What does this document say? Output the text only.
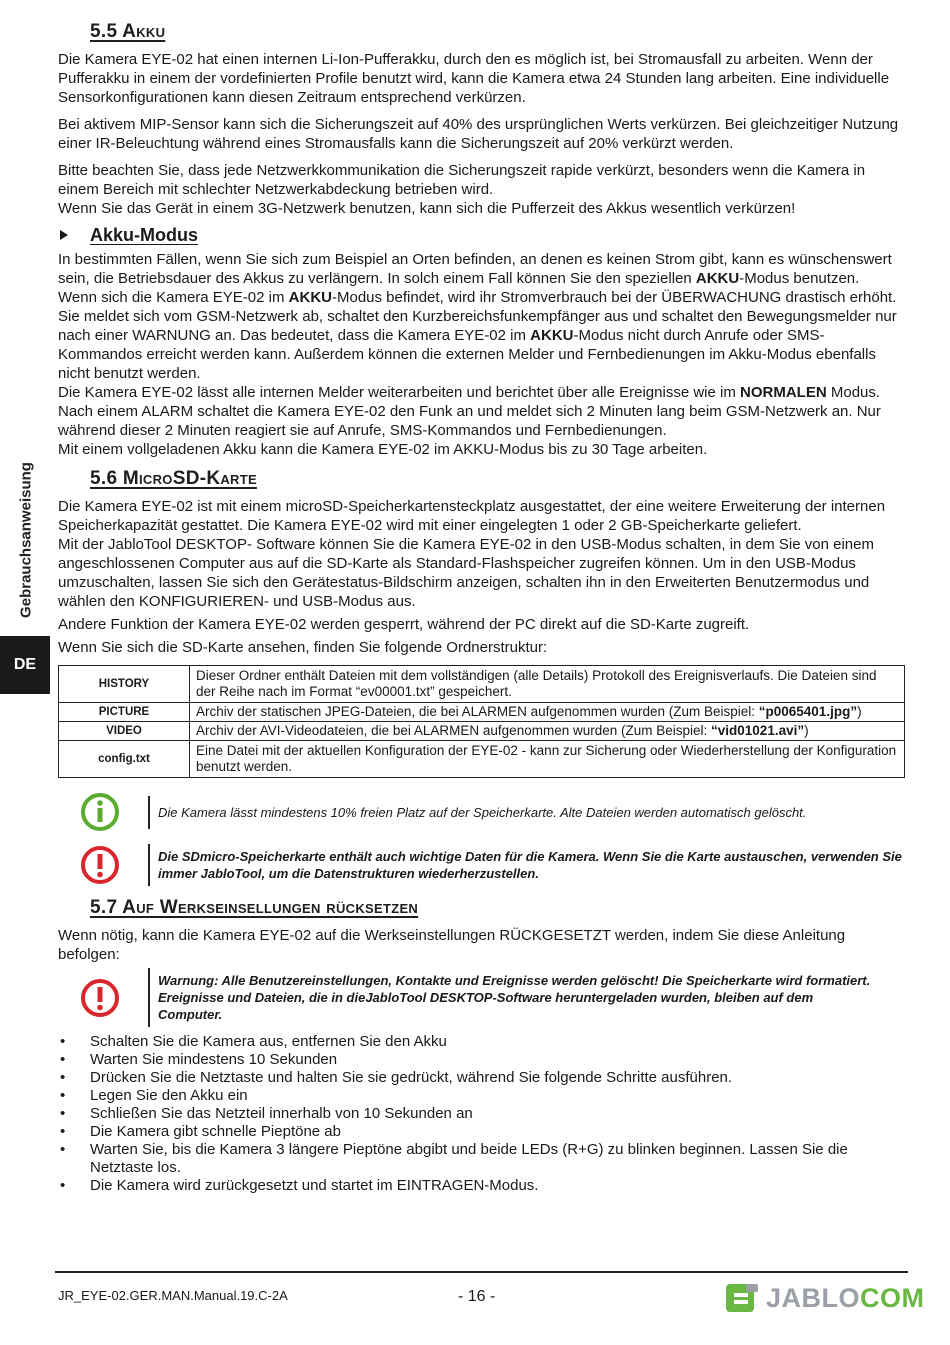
5.5 Akku

Die Kamera EYE-02 hat einen internen Li-Ion-Pufferakku, durch den es möglich ist, bei Stromausfall zu arbeiten. Wenn der Pufferakku in einem der vordefinierten Profile benutzt wird, kann die Kamera etwa 24 Stunden lang arbeiten. Eine individuelle Sensorkonfigurationen kann diesen Zeitraum entsprechend verkürzen.

Bei aktivem MIP-Sensor kann sich die Sicherungszeit auf 40% des ursprünglichen Werts verkürzen. Bei gleichzeitiger Nutzung einer IR-Beleuchtung während eines Stromausfalls kann die Sicherungszeit auf 20% verkürzt werden.

Bitte beachten Sie, dass jede Netzwerkkommunikation die Sicherungszeit rapide verkürzt, besonders wenn die Kamera in einem Bereich mit schlechter Netzwerkabdeckung betrieben wird.

Wenn Sie das Gerät in einem 3G-Netzwerk benutzen, kann sich die Pufferzeit des Akkus wesentlich verkürzen!

Akku-Modus

In bestimmten Fällen, wenn Sie sich zum Beispiel an Orten befinden, an denen es keinen Strom gibt, kann es wünschenswert sein, die Betriebsdauer des Akkus zu verlängern. In solch einem Fall können Sie den speziellen AKKU-Modus benutzen.

Wenn sich die Kamera EYE-02 im AKKU-Modus befindet, wird ihr Stromverbrauch bei der ÜBERWACHUNG drastisch erhöht. Sie meldet sich vom GSM-Netzwerk ab, schaltet den Kurzbereichsfunkempfänger aus und schaltet den Bewegungsmelder nur nach einer WARNUNG an. Das bedeutet, dass die Kamera EYE-02 im AKKU-Modus nicht durch Anrufe oder SMS-Kommandos erreicht werden kann. Außerdem können die externen Melder und Fernbedienungen im Akku-Modus ebenfalls nicht benutzt werden.

Die Kamera EYE-02 lässt alle internen Melder weiterarbeiten und berichtet über alle Ereignisse wie im NORMALEN Modus. Nach einem ALARM schaltet die Kamera EYE-02 den Funk an und meldet sich 2 Minuten lang beim GSM-Netzwerk an. Nur während dieser 2 Minuten reagiert sie auf Anrufe, SMS-Kommandos und Fernbedienungen.

Mit einem vollgeladenen Akku kann die Kamera EYE-02 im AKKU-Modus bis zu 30 Tage arbeiten.

5.6 MicroSD-Karte

Die Kamera EYE-02 ist mit einem microSD-Speicherkartensteckplatz ausgestattet, der eine weitere Erweiterung der internen Speicherkapazität gestattet. Die Kamera EYE-02 wird mit einer eingelegten 1 oder 2 GB-Speicherkarte geliefert.

Mit der JabloTool DESKTOP- Software können Sie die Kamera EYE-02 in den USB-Modus schalten, in dem Sie von einem angeschlossenen Computer aus auf die SD-Karte als Standard-Flashspeicher zugreifen können. Um in den USB-Modus umzuschalten, lassen Sie sich den Gerätestatus-Bildschirm anzeigen, schalten ihn in den Erweiterten Benutzermodus und wählen den KONFIGURIEREN- und USB-Modus aus.

Andere Funktion der Kamera EYE-02 werden gesperrt, während der PC direkt auf die SD-Karte zugreift.

Wenn Sie sich die SD-Karte ansehen, finden Sie folgende Ordnerstruktur:

HISTORY	Dieser Ordner enthält Dateien mit dem vollständigen (alle Details) Protokoll des Ereignisverlaufs. Die Dateien sind der Reihe nach im Format “ev00001.txt” gespeichert.
PICTURE	Archiv der statischen JPEG-Dateien, die bei ALARMEN aufgenommen wurden (Zum Beispiel: “p0065401.jpg”)
VIDEO	Archiv der AVI-Videodateien, die bei ALARMEN aufgenommen wurden (Zum Beispiel: “vid01021.avi”)
config.txt	Eine Datei mit der aktuellen Konfiguration der EYE-02 - kann zur Sicherung oder Wiederherstellung der Konfiguration benutzt werden.
Die Kamera lässt mindestens 10% freien Platz auf der Speicherkarte. Alte Dateien werden automatisch gelöscht.
Die SDmicro-Speicherkarte enthält auch wichtige Daten für die Kamera. Wenn Sie die Karte austauschen, verwenden Sie immer JabloTool, um die Datenstrukturen wiederherzustellen.
5.7 Auf Werkseinsellungen rücksetzen

Wenn nötig, kann die Kamera EYE-02 auf die Werkseinstellungen RÜCKGESETZT werden, indem Sie diese Anleitung befolgen:

Warnung: Alle Benutzereinstellungen, Kontakte und Ereignisse werden gelöscht! Die Speicherkarte wird formatiert. Ereignisse und Dateien, die in dieJabloTool DESKTOP-Software heruntergeladen wurden, bleiben auf dem Computer.
• Schalten Sie die Kamera aus, entfernen Sie den Akku
• Warten Sie mindestens 10 Sekunden
• Drücken Sie die Netztaste und halten Sie sie gedrückt, während Sie folgende Schritte ausführen.
• Legen Sie den Akku ein
• Schließen Sie das Netzteil innerhalb von 10 Sekunden an
• Die Kamera gibt schnelle Pieptöne ab
• Warten Sie, bis die Kamera 3 längere Pieptöne abgibt und beide LEDs (R+G) zu blinken beginnen. Lassen Sie die Netztaste los.
• Die Kamera wird zurückgesetzt und startet im EINTRAGEN-Modus.
Gebrauchsanweisung
DE
JR_EYE-02.GER.MAN.Manual.19.C-2A	- 16 -	JABLOCOM
